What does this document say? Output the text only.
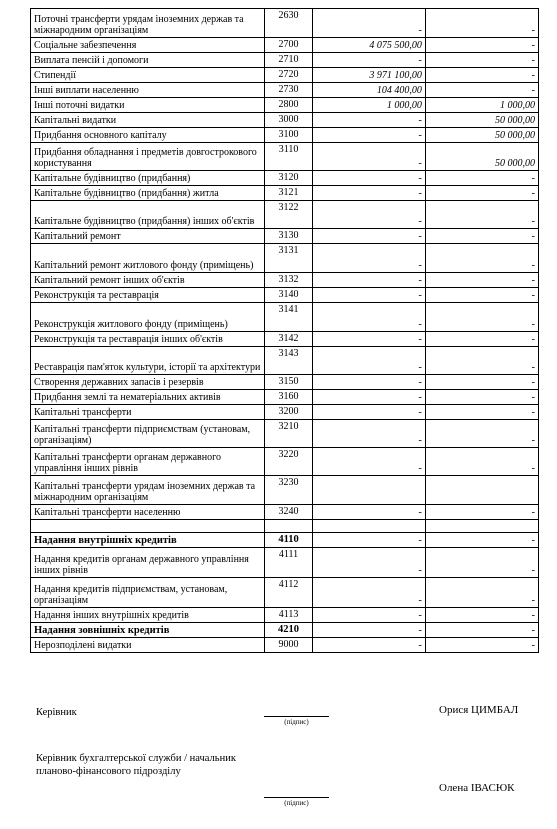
Поточні трансферти урядам іноземних держав та міжнародним організаціям	2630	-	-
Соціальне забезпечення	2700	4 075 500,00	-
Виплата пенсій і допомоги	2710	-	-
Стипендії	2720	3 971 100,00	-
Інші виплати населенню	2730	104 400,00	-
Інші поточні видатки	2800	1 000,00	1 000,00
Капітальні видатки	3000	-	50 000,00
Придбання основного капіталу	3100	-	50 000,00
Придбання обладнання і предметів довгострокового користування	3110	-	50 000,00
Капітальне будівництво (придбання)	3120	-	-
Капітальне будівництво (придбання) житла	3121	-	-
Капітальне будівництво (придбання) інших об'єктів	3122	-	-
Капітальний ремонт	3130	-	-
Капітальний ремонт житлового фонду (приміщень)	3131	-	-
Капітальний ремонт інших об'єктів	3132	-	-
Реконструкція та реставрація	3140	-	-
Реконструкція житлового фонду (приміщень)	3141	-	-
Реконструкція та реставрація інших об'єктів	3142	-	-
Реставрація пам'яток культури, історії та архітектури	3143	-	-
Створення державних запасів і резервів	3150	-	-
Придбання землі та нематеріальних активів	3160	-	-
Капітальні трансферти	3200	-	-
Капітальні трансферти підприємствам (установам, організаціям)	3210	-	-
Капітальні трансферти органам державного управління інших рівнів	3220	-	-
Капітальні трансферти урядам іноземних держав та міжнародним організаціям	3230		
Капітальні трансферти населенню	3240	-	-

Надання внутрішніх кредитів	4110	-	-
Надання кредитів органам державного управління інших рівнів	4111	-	-
Надання кредитів підприємствам, установам, організаціям	4112	-	-
Надання інших внутрішніх кредитів	4113	-	-
Надання зовнішніх кредитів	4210	-	-
Нерозподілені видатки	9000	-	-
Керівник
(підпис)
Орися ЦИМБАЛ
Керівник бухгалтерської служби / начальник планово-фінансового підрозділу
(підпис)
Олена ІВАСЮК
